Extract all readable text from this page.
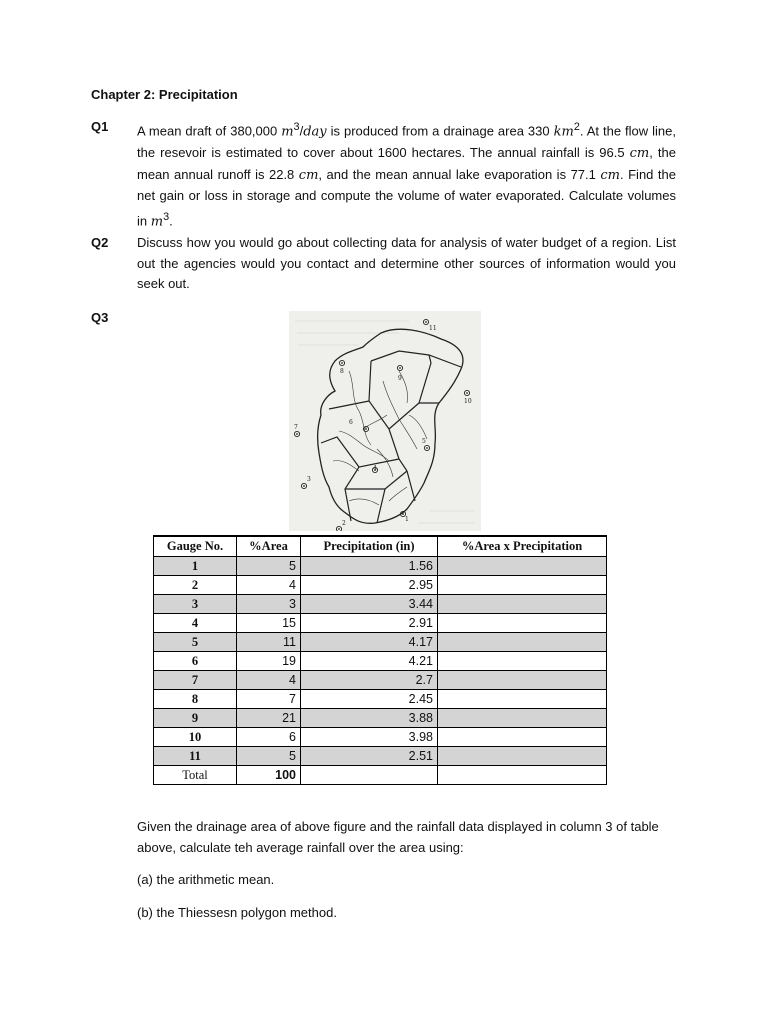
Chapter 2: Precipitation
Q1 A mean draft of 380,000 $m^3$/day is produced from a drainage area 330 $km^2$. At the flow line, the resevoir is estimated to cover about 1600 hectares. The annual rainfall is 96.5 cm, the mean annual runoff is 22.8 cm, and the mean annual lake evaporation is 77.1 cm. Find the net gain or loss in storage and compute the volume of water evaporated. Calculate volumes in $m^3$.
Q2 Discuss how you would go about collecting data for analysis of water budget of a region. List out the agencies would you contact and determine other sources of information would you seek out.
Q3
1
2
3
4
5
6
7
8
9
10
11
Gauge No.	%Area	Precipitation (in)	%Area x Precipitation
1	5	1.56	
2	4	2.95	
3	3	3.44	
4	15	2.91	
5	11	4.17	
6	19	4.21	
7	4	2.7	
8	7	2.45	
9	21	3.88	
10	6	3.98	
11	5	2.51	
Total	100		
Given the drainage area of above figure and the rainfall data displayed in column 3 of table above, calculate teh average rainfall over the area using:
(a) the arithmetic mean.
(b) the Thiessesn polygon method.
